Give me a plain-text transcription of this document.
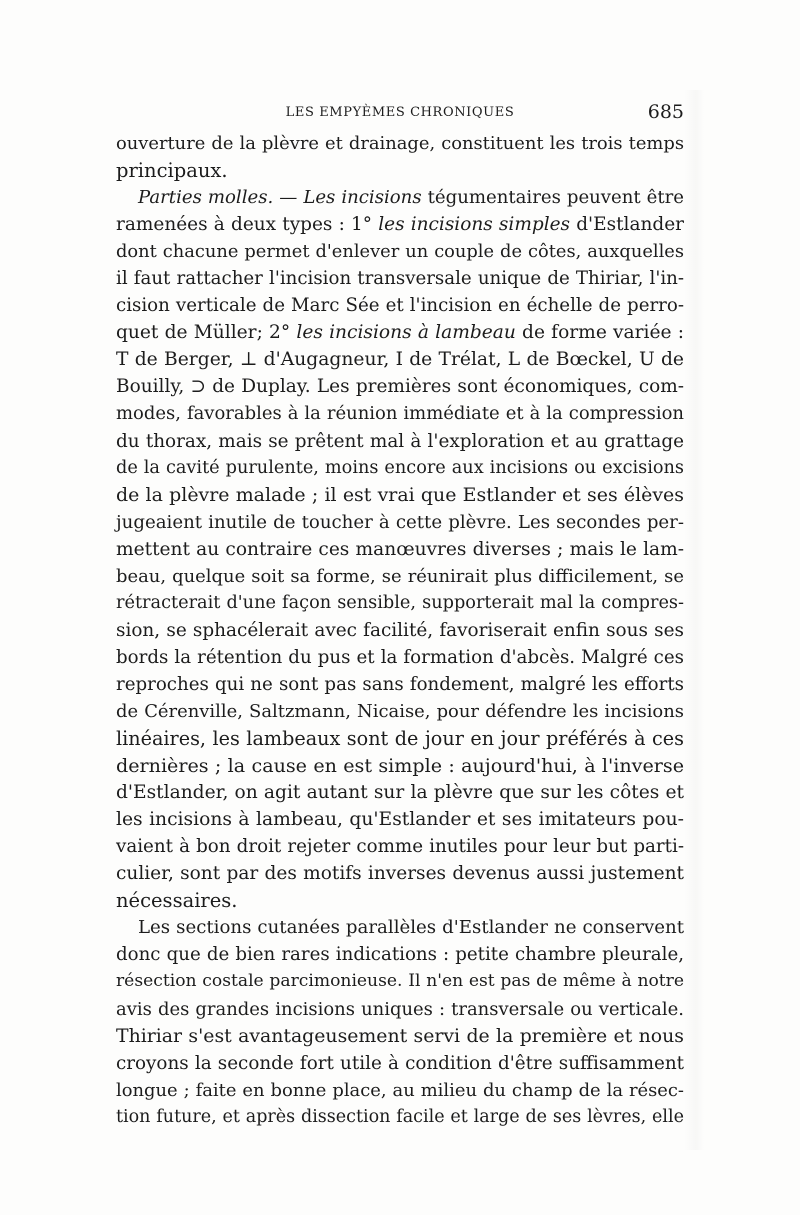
LES EMPYÈMES CHRONIQUES	685
ouverture de la plèvre et drainage, constituent les trois temps
principaux.
Parties molles. — Les incisions tégumentaires peuvent être
ramenées à deux types : 1° les incisions simples d'Estlander
dont chacune permet d'enlever un couple de côtes, auxquelles
il faut rattacher l'incision transversale unique de Thiriar, l'in-
cision verticale de Marc Sée et l'incision en échelle de perro-
quet de Müller; 2° les incisions à lambeau de forme variée :
T de Berger, ⊥ d'Augagneur, I de Trélat, L de Bœckel, U de
Bouilly, ⊃ de Duplay. Les premières sont économiques, com-
modes, favorables à la réunion immédiate et à la compression
du thorax, mais se prêtent mal à l'exploration et au grattage
de la cavité purulente, moins encore aux incisions ou excisions
de la plèvre malade ; il est vrai que Estlander et ses élèves
jugeaient inutile de toucher à cette plèvre. Les secondes per-
mettent au contraire ces manœuvres diverses ; mais le lam-
beau, quelque soit sa forme, se réunirait plus difficilement, se
rétracterait d'une façon sensible, supporterait mal la compres-
sion, se sphacélerait avec facilité, favoriserait enfin sous ses
bords la rétention du pus et la formation d'abcès. Malgré ces
reproches qui ne sont pas sans fondement, malgré les efforts
de Cérenville, Saltzmann, Nicaise, pour défendre les incisions
linéaires, les lambeaux sont de jour en jour préférés à ces
dernières ; la cause en est simple : aujourd'hui, à l'inverse
d'Estlander, on agit autant sur la plèvre que sur les côtes et
les incisions à lambeau, qu'Estlander et ses imitateurs pou-
vaient à bon droit rejeter comme inutiles pour leur but parti-
culier, sont par des motifs inverses devenus aussi justement
nécessaires.
Les sections cutanées parallèles d'Estlander ne conservent
donc que de bien rares indications : petite chambre pleurale,
résection costale parcimonieuse. Il n'en est pas de même à notre
avis des grandes incisions uniques : transversale ou verticale.
Thiriar s'est avantageusement servi de la première et nous
croyons la seconde fort utile à condition d'être suffisamment
longue ; faite en bonne place, au milieu du champ de la résec-
tion future, et après dissection facile et large de ses lèvres, elle
